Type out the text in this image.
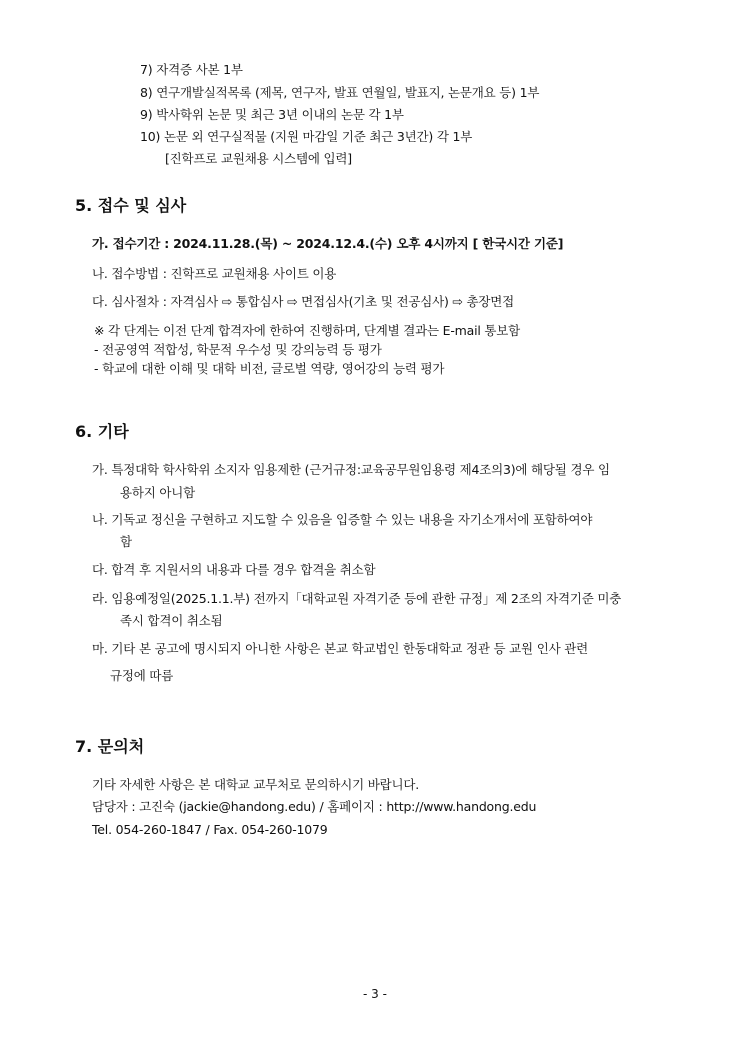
7) 자격증 사본 1부
8) 연구개발실적목록 (제목, 연구자, 발표 연월일, 발표지, 논문개요 등) 1부
9) 박사학위 논문 및 최근 3년 이내의 논문 각 1부
10) 논문 외 연구실적물 (지원 마감일 기준 최근 3년간) 각 1부
[진학프로 교원채용 시스템에 입력]
5. 접수 및 심사
가. 접수기간 : 2024.11.28.(목) ~ 2024.12.4.(수) 오후 4시까지 [ 한국시간 기준]
나. 접수방법 : 진학프로 교원채용 사이트 이용
다. 심사절차 : 자격심사 ⇨ 통합심사 ⇨ 면접심사(기초 및 전공심사) ⇨ 총장면접
※ 각 단계는 이전 단계 합격자에 한하여 진행하며, 단계별 결과는 E-mail 통보함
- 전공영역 적합성, 학문적 우수성 및 강의능력 등 평가
- 학교에 대한 이해 및 대학 비전, 글로벌 역량, 영어강의 능력 평가
6. 기타
가. 특정대학 학사학위 소지자 임용제한 (근거규정:교육공무원임용령 제4조의3)에 해당될 경우 임
용하지 아니함
나. 기독교 정신을 구현하고 지도할 수 있음을 입증할 수 있는 내용을 자기소개서에 포함하여야
함
다. 합격 후 지원서의 내용과 다를 경우 합격을 취소함
라. 임용예정일(2025.1.1.부) 전까지「대학교원 자격기준 등에 관한 규정」제 2조의 자격기준 미충
족시 합격이 취소됨
마. 기타 본 공고에 명시되지 아니한 사항은 본교 학교법인 한동대학교 정관 등 교원 인사 관련
규정에 따름
7. 문의처
기타 자세한 사항은 본 대학교 교무처로 문의하시기 바랍니다.
담당자 : 고진숙 (jackie@handong.edu) / 홈페이지 : http://www.handong.edu
Tel. 054-260-1847 / Fax. 054-260-1079
- 3 -
